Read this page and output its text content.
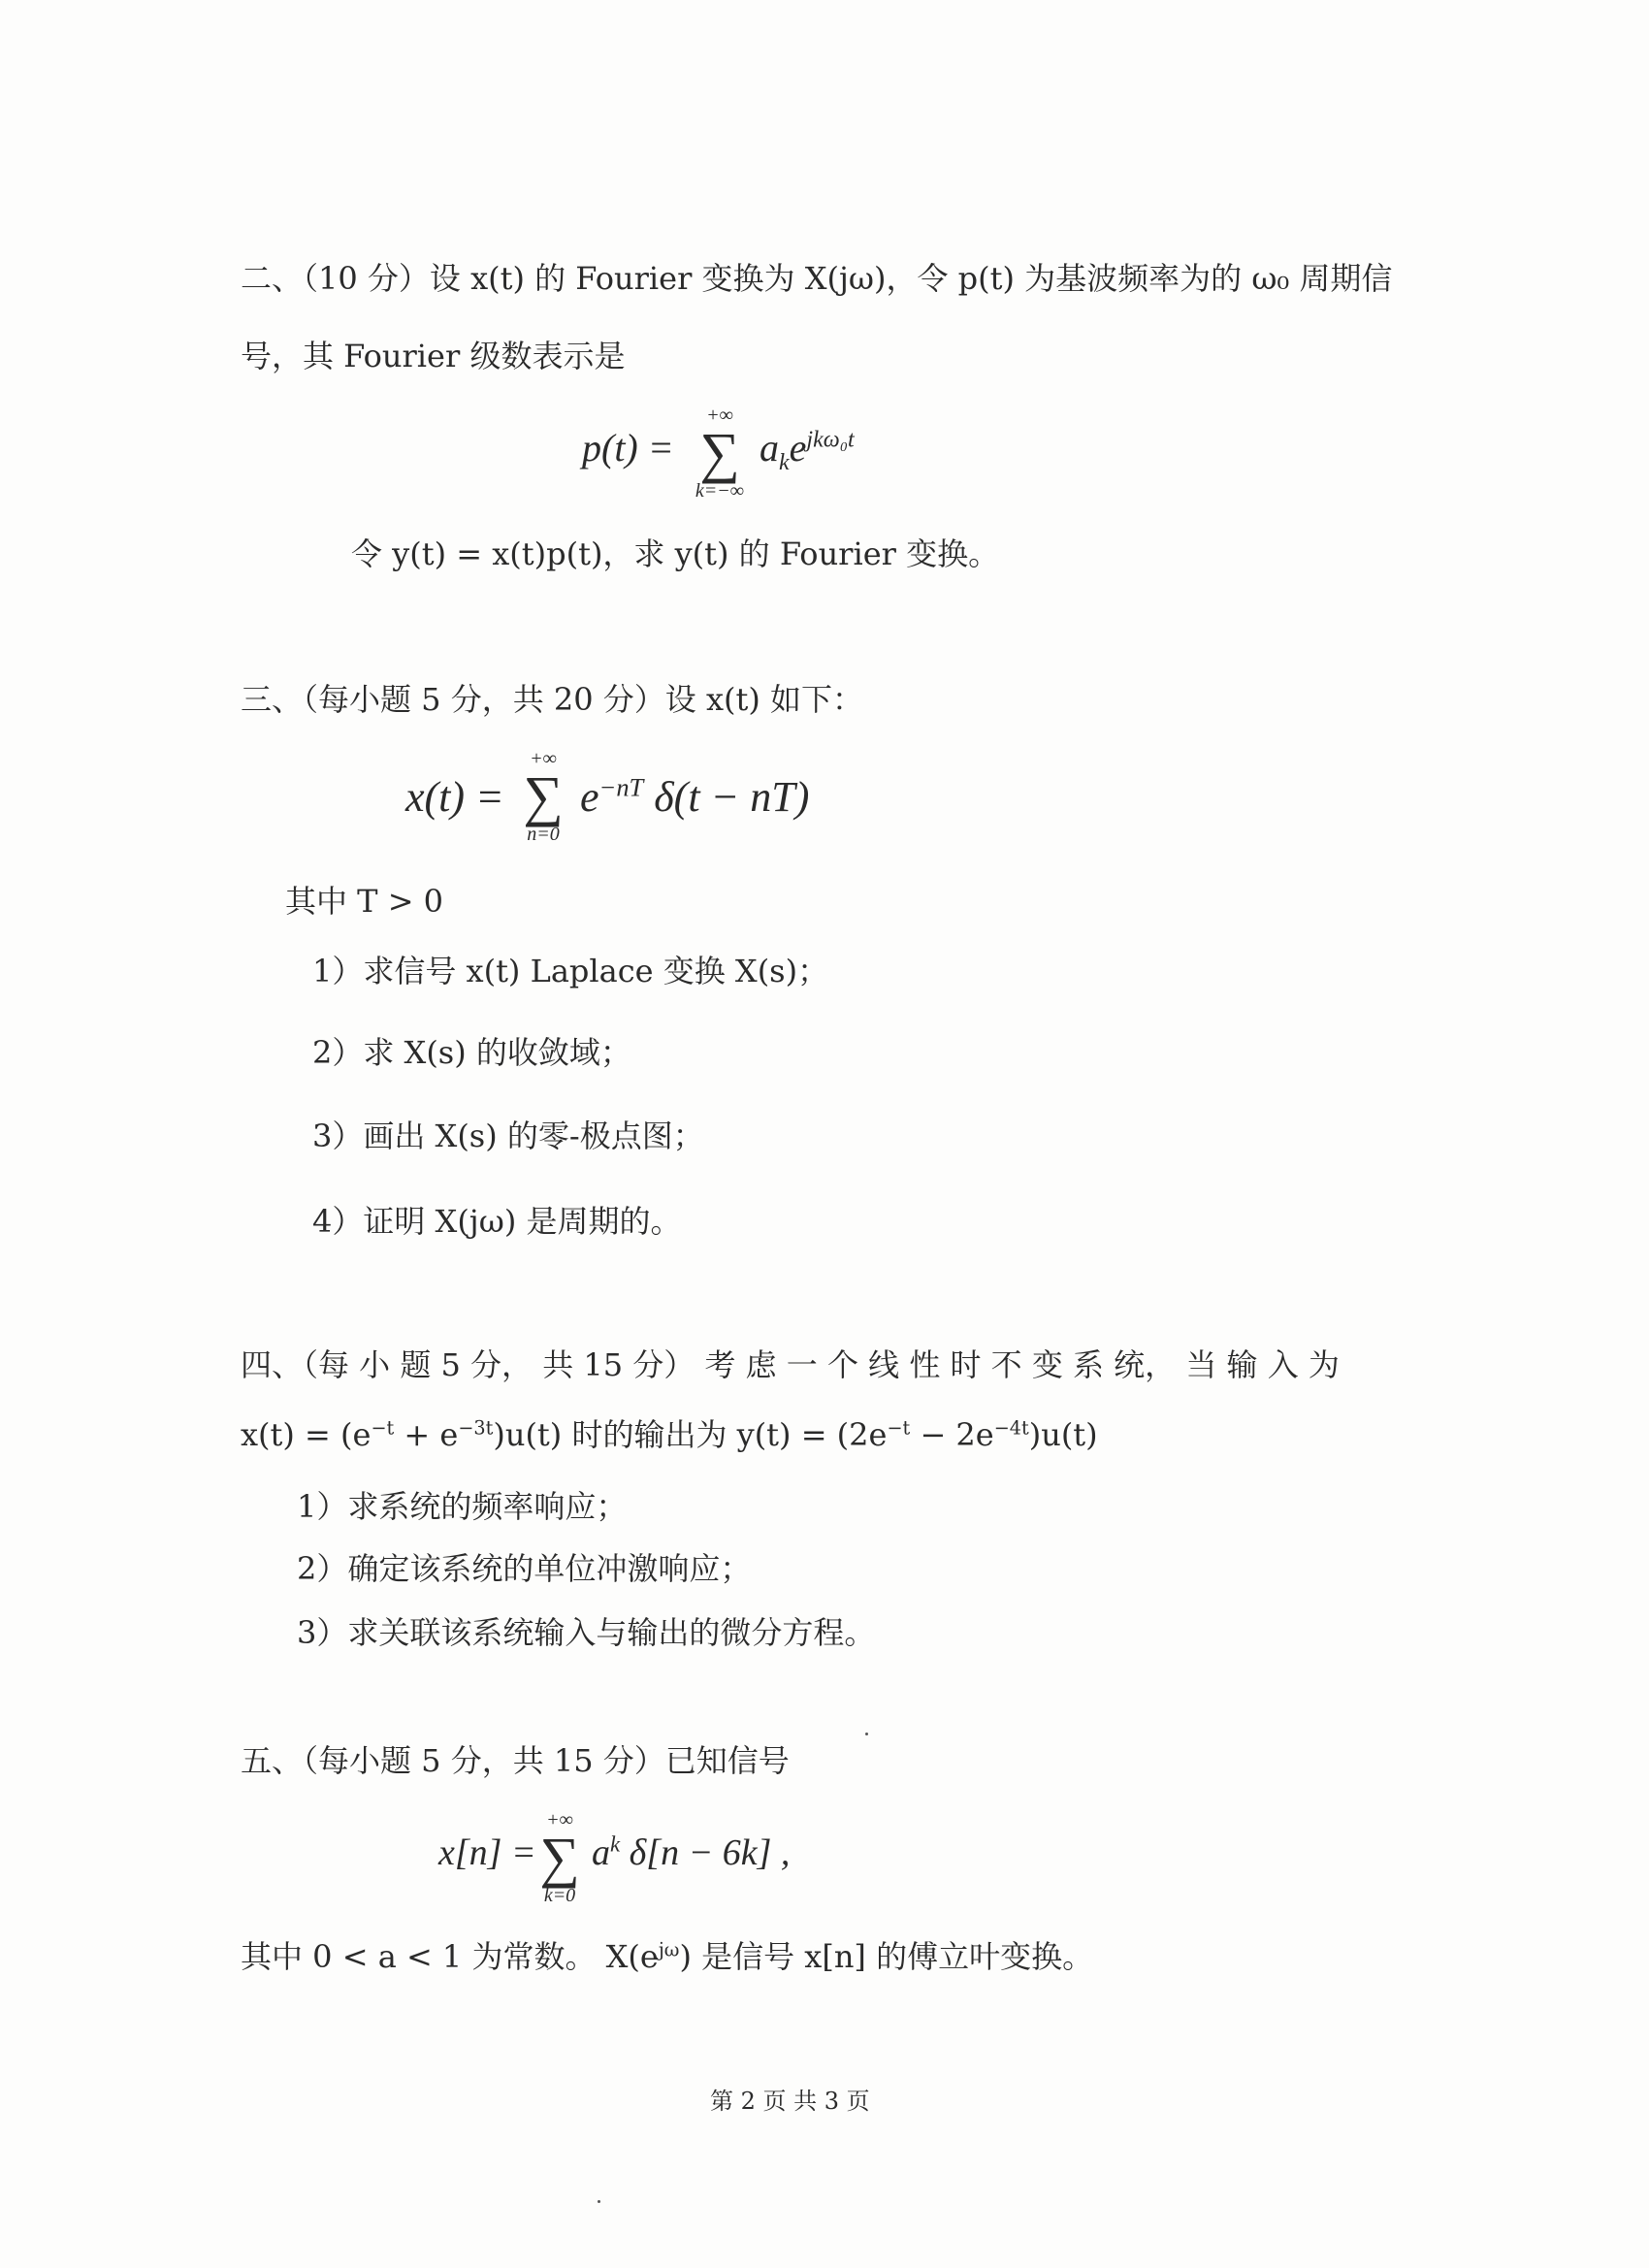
二、（10 分）设 x(t) 的 Fourier 变换为 X(jω)，令 p(t) 为基波频率为的 ω₀ 周期信
号，其 Fourier 级数表示是
p(t) =
+∞
∑
k=−∞
$a_ke^{jk\omega_0t}$
令 y(t) = x(t)p(t)，求 y(t) 的 Fourier 变换。
三、（每小题 5 分，共 20 分）设 x(t) 如下：
x(t) =
+∞
∑
n=0
$e^{-nT}$ δ(t − nT)
其中 T > 0
1）求信号 x(t) Laplace 变换 X(s)；
2）求 X(s) 的收敛域；
3）画出 X(s) 的零-极点图；
4）证明 X(jω) 是周期的。
四、（每 小 题 5 分， 共 15 分） 考 虑 一 个 线 性 时 不 变 系 统， 当 输 入 为
$x(t) = (e^{-t} + e^{-3t})u(t)$ 时的输出为 $y(t) = (2e^{-t} - 2e^{-4t})u(t)$
1）求系统的频率响应；
2）确定该系统的单位冲激响应；
3）求关联该系统输入与输出的微分方程。
五、（每小题 5 分，共 15 分）已知信号
x[n] =
+∞
∑
k=0
$a^k$ δ[n − 6k] ,
其中 0 < a < 1 为常数。 $X(e^{j\omega})$ 是信号 x[n] 的傅立叶变换。
第 2 页 共 3 页
